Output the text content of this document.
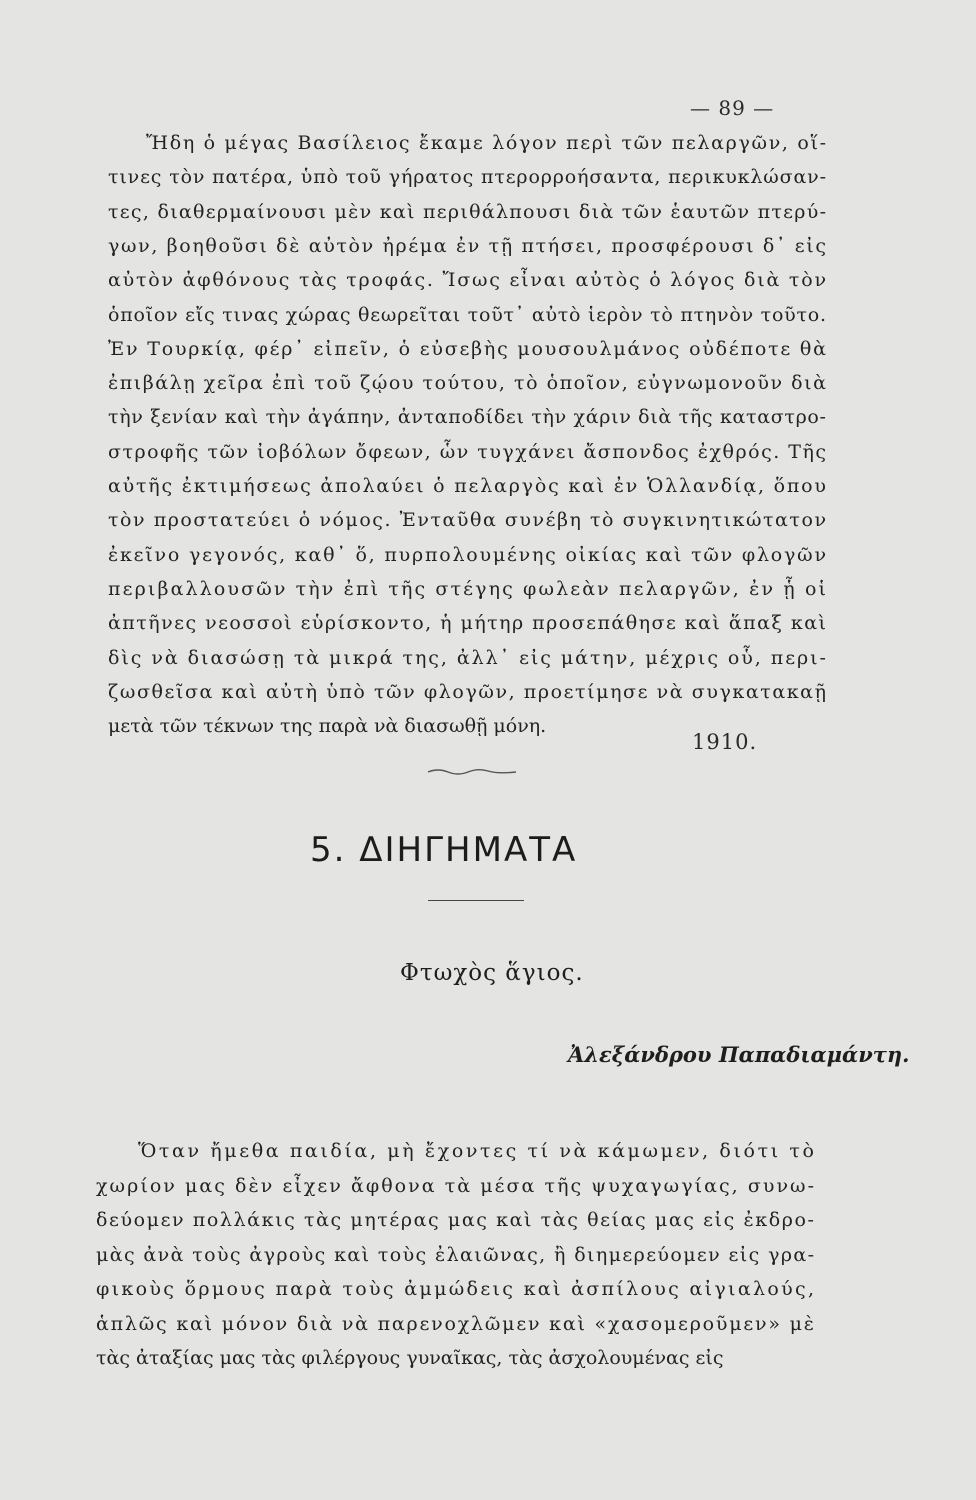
— 89 —
Ἤδη ὁ μέγας Βασίλειος ἔκαμε λόγον περὶ τῶν πελαργῶν, οἵ-
τινες τὸν πατέρα, ὑπὸ τοῦ γήρατος πτερορροήσαντα, περικυκλώσαν-
τες, διαθερμαίνουσι μὲν καὶ περιθάλπουσι διὰ τῶν ἑαυτῶν πτερύ-
γων, βοηθοῦσι δὲ αὐτὸν ἠρέμα ἐν τῇ πτήσει, προσφέρουσι δ᾽ εἰς
αὐτὸν ἀφθόνους τὰς τροφάς. Ἴσως εἶναι αὐτὸς ὁ λόγος διὰ τὸν
ὁποῖον εἴς τινας χώρας θεωρεῖται τοῦτ᾽ αὐτὸ ἱερὸν τὸ πτηνὸν τοῦτο.
Ἐν Τουρκίᾳ, φέρ᾽ εἰπεῖν, ὁ εὐσεβὴς μουσουλμάνος οὐδέποτε θὰ
ἐπιβάλῃ χεῖρα ἐπὶ τοῦ ζῴου τούτου, τὸ ὁποῖον, εὐγνωμονοῦν διὰ
τὴν ξενίαν καὶ τὴν ἀγάπην, ἀνταποδίδει τὴν χάριν διὰ τῆς καταστρο-
στροφῆς τῶν ἰοβόλων ὄφεων, ὧν τυγχάνει ἄσπονδος ἐχθρός. Τῆς
αὐτῆς ἐκτιμήσεως ἀπολαύει ὁ πελαργὸς καὶ ἐν Ὁλλανδίᾳ, ὅπου
τὸν προστατεύει ὁ νόμος. Ἐνταῦθα συνέβη τὸ συγκινητικώτατον
ἐκεῖνο γεγονός, καθ᾽ ὅ, πυρπολουμένης οἰκίας καὶ τῶν φλογῶν
περιβαλλουσῶν τὴν ἐπὶ τῆς στέγης φωλεὰν πελαργῶν, ἐν ᾗ οἱ
ἀπτῆνες νεοσσοὶ εὑρίσκοντο, ἡ μήτηρ προσεπάθησε καὶ ἅπαξ καὶ
δὶς νὰ διασώσῃ τὰ μικρά της, ἀλλ᾽ εἰς μάτην, μέχρις οὗ, περι-
ζωσθεῖσα καὶ αὐτὴ ὑπὸ τῶν φλογῶν, προετίμησε νὰ συγκατακαῇ
μετὰ τῶν τέκνων της παρὰ νὰ διασωθῇ μόνη.
1910.
5. ΔΙΗΓΗΜΑΤΑ
Φτωχὸς ἅγιος.
Ἀλεξάνδρου Παπαδιαμάντη.
Ὅταν ἤμεθα παιδία, μὴ ἔχοντες τί νὰ κάμωμεν, διότι τὸ
χωρίον μας δὲν εἶχεν ἄφθονα τὰ μέσα τῆς ψυχαγωγίας, συνω-
δεύομεν πολλάκις τὰς μητέρας μας καὶ τὰς θείας μας εἰς ἐκδρο-
μὰς ἀνὰ τοὺς ἀγροὺς καὶ τοὺς ἐλαιῶνας, ἢ διημερεύομεν εἰς γρα-
φικοὺς ὅρμους παρὰ τοὺς ἀμμώδεις καὶ ἀσπίλους αἰγιαλούς,
ἁπλῶς καὶ μόνον διὰ νὰ παρενοχλῶμεν καὶ «χασομεροῦμεν» μὲ
τὰς ἀταξίας μας τὰς φιλέργους γυναῖκας, τὰς ἀσχολουμένας εἰς
